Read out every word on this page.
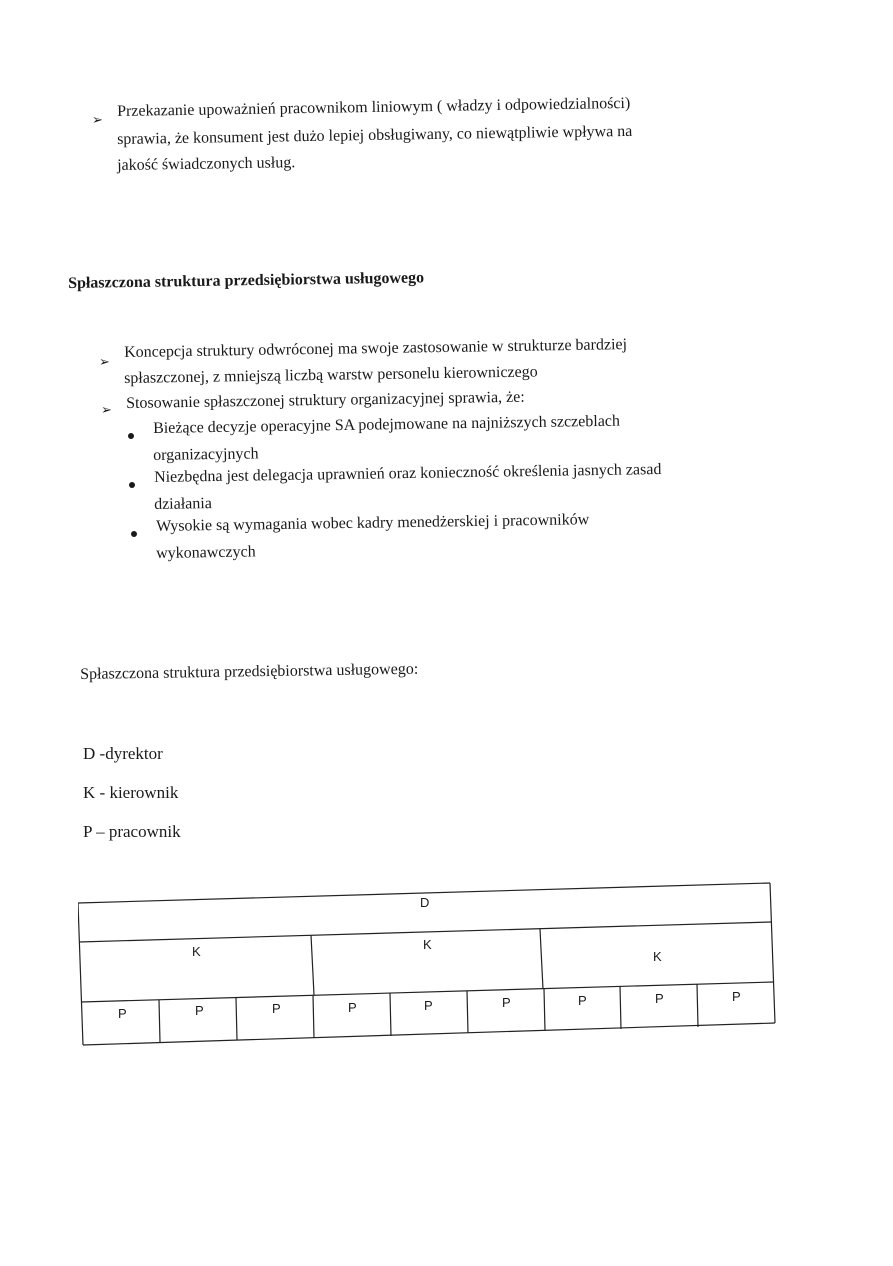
➢ Przekazanie upoważnień pracownikom liniowym ( władzy i odpowiedzialności)
sprawia, że konsument jest dużo lepiej obsługiwany, co niewątpliwie wpływa na
jakość świadczonych usług.
Spłaszczona struktura przedsiębiorstwa usługowego
➢
Koncepcja struktury odwróconej ma swoje zastosowanie w strukturze bardziej
spłaszczonej, z mniejszą liczbą warstw personelu kierowniczego
➢ Stosowanie spłaszczonej struktury organizacyjnej sprawia, że:
Bieżące decyzje operacyjne SA podejmowane na najniższych szczeblach
organizacyjnych
Niezbędna jest delegacja uprawnień oraz konieczność określenia jasnych zasad
działania
Wysokie są wymagania wobec kadry menedżerskiej i pracowników
wykonawczych
Spłaszczona struktura przedsiębiorstwa usługowego:
D -dyrektor
K - kierownik
P – pracownik
D
K	K
K
P	P	P	P	P	P	P	P	P
